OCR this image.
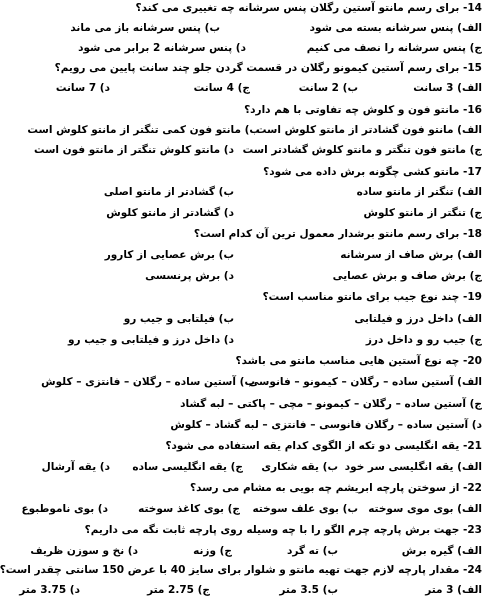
14- برای رسم مانتو آستین رگلان پنس سرشانه چه تغییری می کند؟
الف) پنس سرشانه بسته می شود
ب) پنس سرشانه باز می ماند
ج) پنس سرشانه را نصف می کنیم
د) پنس سرشانه 2 برابر می شود
15- برای رسم آستین کیمونو رگلان در قسمت گردن جلو چند سانت پایین می رویم؟
الف) 3 سانت
ب) 2 سانت
ج) 4 سانت
د) 7 سانت
16- مانتو فون و کلوش چه تفاوتی با هم دارد؟
الف) مانتو فون گشادتر از مانتو کلوش است
ب) مانتو فون کمی تنگتر از مانتو کلوش است
ج) مانتو فون تنگتر و مانتو کلوش گشادتر است
د) مانتو کلوش تنگتر از مانتو فون است
17- مانتو کشی چگونه برش داده می شود؟
الف) تنگتر از مانتو ساده
ب) گشادتر از مانتو اصلی
ج) تنگتر از مانتو کلوش
د) گشادتر از مانتو کلوش
18- برای رسم مانتو برشدار معمول ترین آن کدام است؟
الف) برش صاف از سرشانه
ب) برش عصایی از کارور
ج) برش صاف و برش عصایی
د) برش پرنسسی
19- چند نوع جیب برای مانتو مناسب است؟
الف) داخل درز و فیلتابی
ب) فیلتابی و جیب رو
ج) جیب رو و داخل درز
د) داخل درز و فیلتابی و جیب رو
20- چه نوع آستین هایی مناسب مانتو می باشد؟
الف) آستین ساده – رگلان – کیمونو – فانوسی
ب) آستین ساده – رگلان – فانتزی – کلوش
ج) آستین ساده – رگلان – کیمونو – مچی – پاکتی – لبه گشاد
د) آستین ساده – رگلان فانوسی – فانتزی – لبه گشاد – کلوش
21- یقه انگلیسی دو تکه از الگوی کدام یقه استفاده می شود؟
الف) یقه انگلیسی سر خود
ب) یقه شکاری
ج) یقه انگلیسی ساده
د) یقه آرشال
22- از سوختن پارچه ابریشم چه بویی به مشام می رسد؟
الف) بوی موی سوخته
ب) بوی علف سوخته
ج) بوی کاغذ سوخته
د) بوی ناموطبوع
23- جهت برش پارچه چرم الگو را با چه وسیله روی پارچه ثابت نگه می داریم؟
الف) گیره برش
ب) ته گرد
ج) وزنه
د) نخ و سوزن ظریف
24- مقدار پارچه لازم جهت تهیه مانتو و شلوار برای سایز 40 با عرض 150 سانتی چقدر است؟
الف) 3 متر
ب) 3.5 متر
ج) 2.75 متر
د) 3.75 متر
